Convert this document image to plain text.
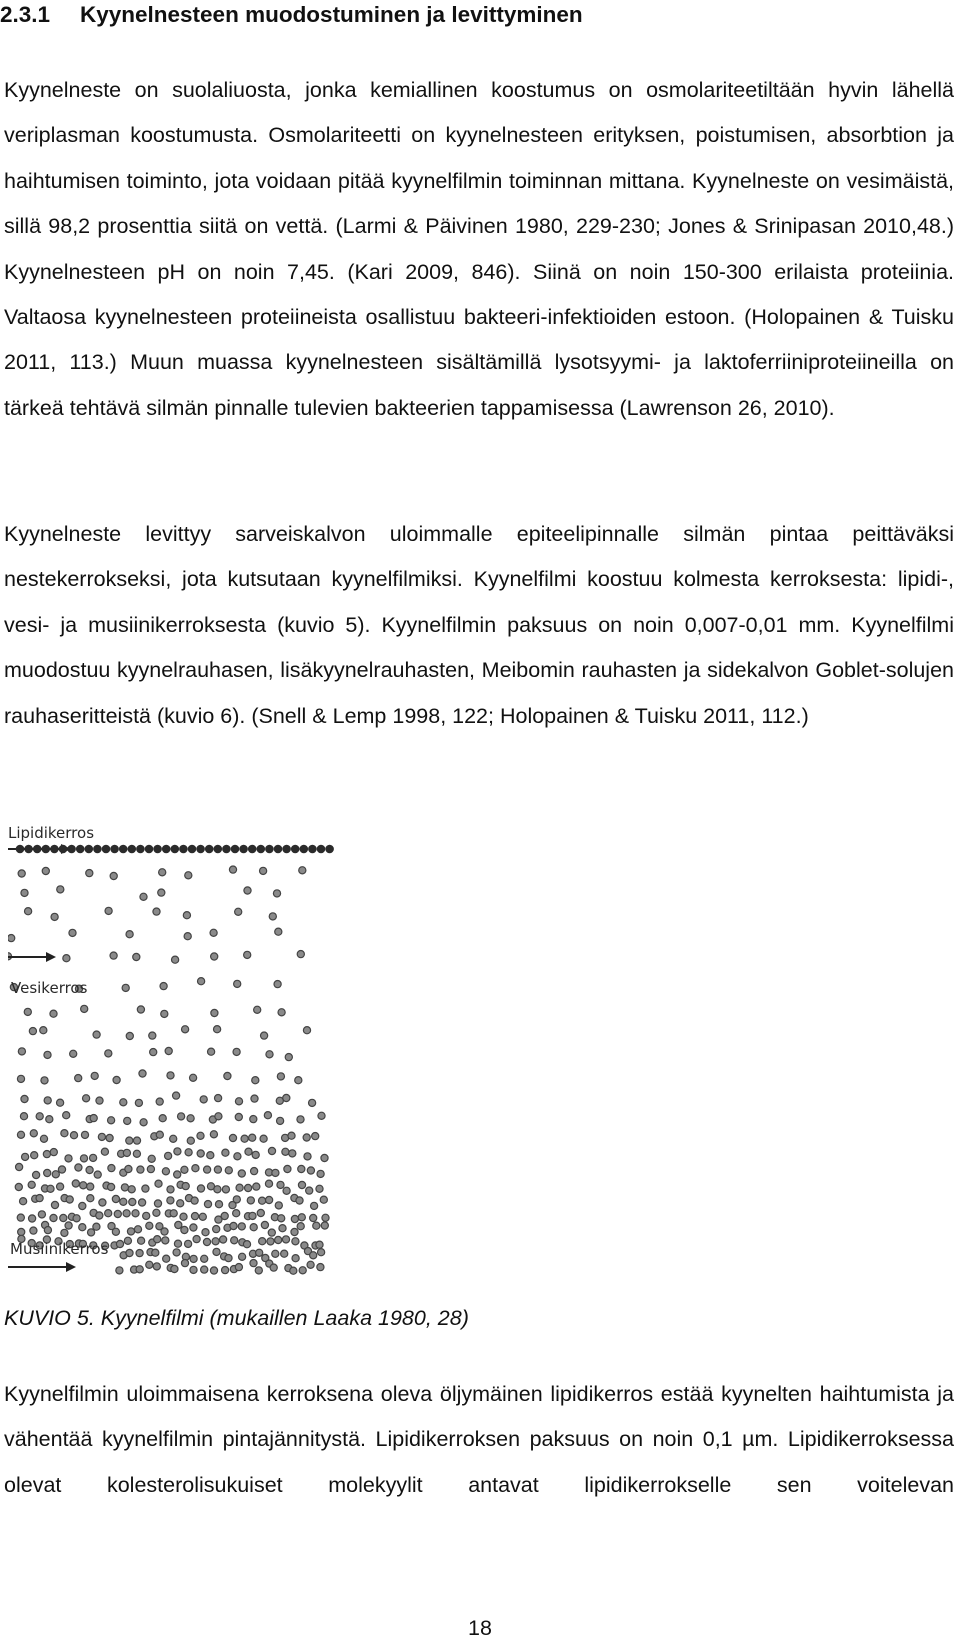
2.3.1 Kyynelnesteen muodostuminen ja levittyminen

Kyynelneste on suolaliuosta, jonka kemiallinen koostumus on osmolariteetiltään hyvin lähellä veriplasman koostumusta. Osmolariteetti on kyynelnesteen erityksen, poistumisen, absorbtion ja haihtumisen toiminto, jota voidaan pitää kyynelfilmin toiminnan mittana. Kyynelneste on vesimäistä, sillä 98,2 prosenttia siitä on vettä. (Larmi & Päivinen 1980, 229-230; Jones & Srinipasan 2010,48.) Kyynelnesteen pH on noin 7,45. (Kari 2009, 846). Siinä on noin 150-300 erilaista proteiinia. Valtaosa kyynelnesteen proteiineista osallistuu bakteeri-infektioiden estoon. (Holopainen & Tuisku 2011, 113.) Muun muassa kyynelnesteen sisältämillä lysotsyymi- ja laktoferriiniproteiineilla on tärkeä tehtävä silmän pinnalle tulevien bakteerien tappamisessa (Lawrenson 26, 2010).

Kyynelneste levittyy sarveiskalvon uloimmalle epiteelipinnalle silmän pintaa peittäväksi nestekerrokseksi, jota kutsutaan kyynelfilmiksi. Kyynelfilmi koostuu kolmesta kerroksesta: lipidi-, vesi- ja musiinikerroksesta (kuvio 5). Kyynelfilmin paksuus on noin 0,007-0,01 mm. Kyynelfilmi muodostuu kyynelrauhasen, lisäkyynelrauhasten, Meibomin rauhasten ja sidekalvon Goblet-solujen rauhaseritteistä (kuvio 6). (Snell & Lemp 1998, 122; Holopainen & Tuisku 2011, 112.)

Lipidikerros
Vesikerros
Musiinikerros
KUVIO 5. Kyynelfilmi (mukaillen Laaka 1980, 28)

Kyynelfilmin uloimmaisena kerroksena oleva öljymäinen lipidikerros estää kyynelten haihtumista ja vähentää kyynelfilmin pintajännitystä. Lipidikerroksen paksuus on noin 0,1 µm. Lipidikerroksessa olevat kolesterolisukuiset molekyylit antavat lipidikerrokselle sen voitelevan

18
